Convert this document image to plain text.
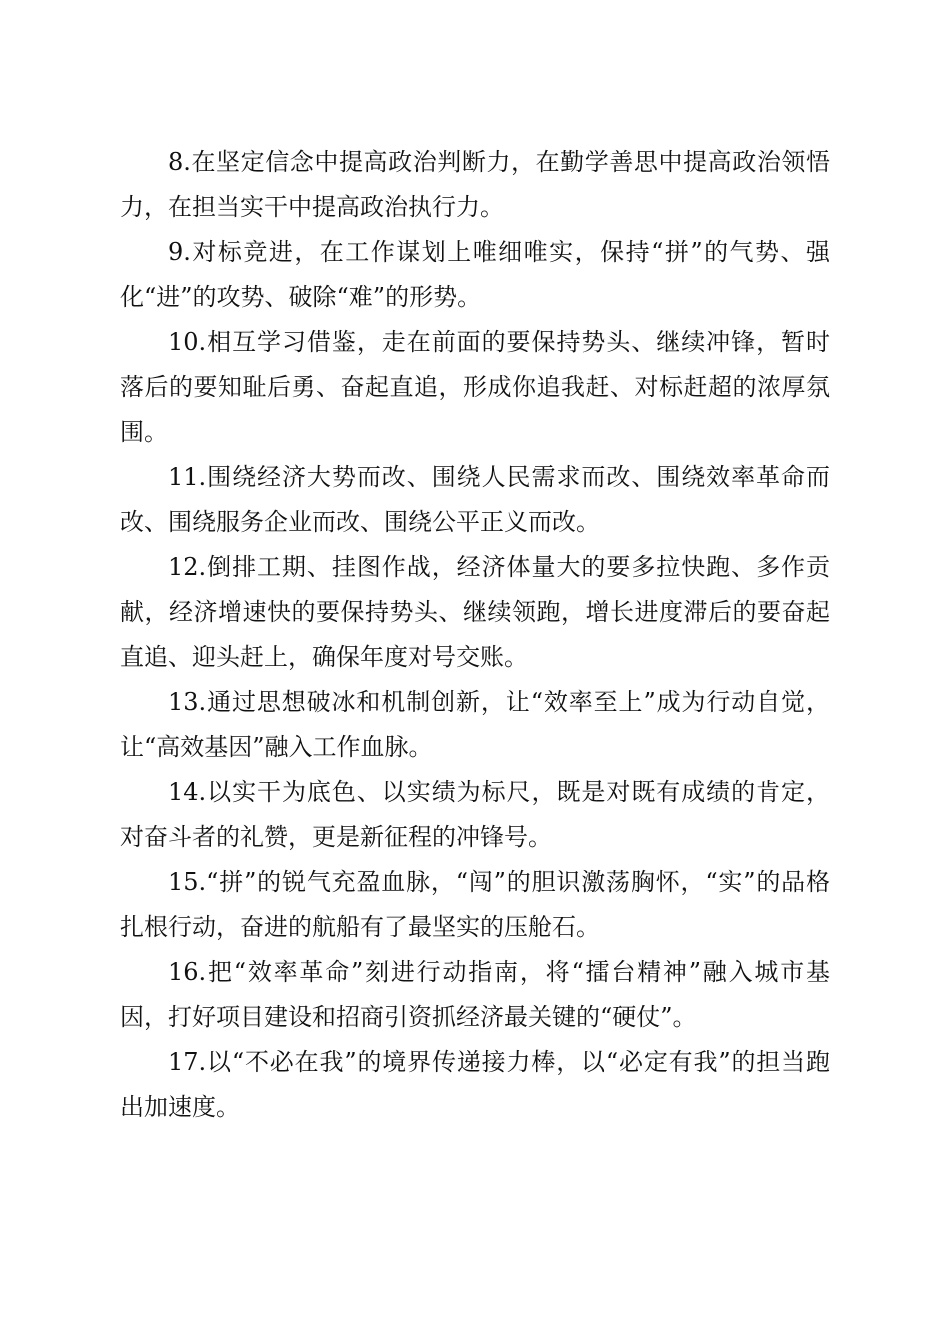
8.在坚定信念中提高政治判断力，在勤学善思中提高政治领悟力，在担当实干中提高政治执行力。

9.对标竞进，在工作谋划上唯细唯实，保持“拼”的气势、强化“进”的攻势、破除“难”的形势。

10.相互学习借鉴，走在前面的要保持势头、继续冲锋，暂时落后的要知耻后勇、奋起直追，形成你追我赶、对标赶超的浓厚氛围。

11.围绕经济大势而改、围绕人民需求而改、围绕效率革命而改、围绕服务企业而改、围绕公平正义而改。

12.倒排工期、挂图作战，经济体量大的要多拉快跑、多作贡献，经济增速快的要保持势头、继续领跑，增长进度滞后的要奋起直追、迎头赶上，确保年度对号交账。

13.通过思想破冰和机制创新，让“效率至上”成为行动自觉，让“高效基因”融入工作血脉。

14.以实干为底色、以实绩为标尺，既是对既有成绩的肯定，对奋斗者的礼赞，更是新征程的冲锋号。

15.“拼”的锐气充盈血脉，“闯”的胆识激荡胸怀，“实”的品格扎根行动，奋进的航船有了最坚实的压舱石。

16.把“效率革命”刻进行动指南，将“擂台精神”融入城市基因，打好项目建设和招商引资抓经济最关键的“硬仗”。

17.以“不必在我”的境界传递接力棒，以“必定有我”的担当跑出加速度。
